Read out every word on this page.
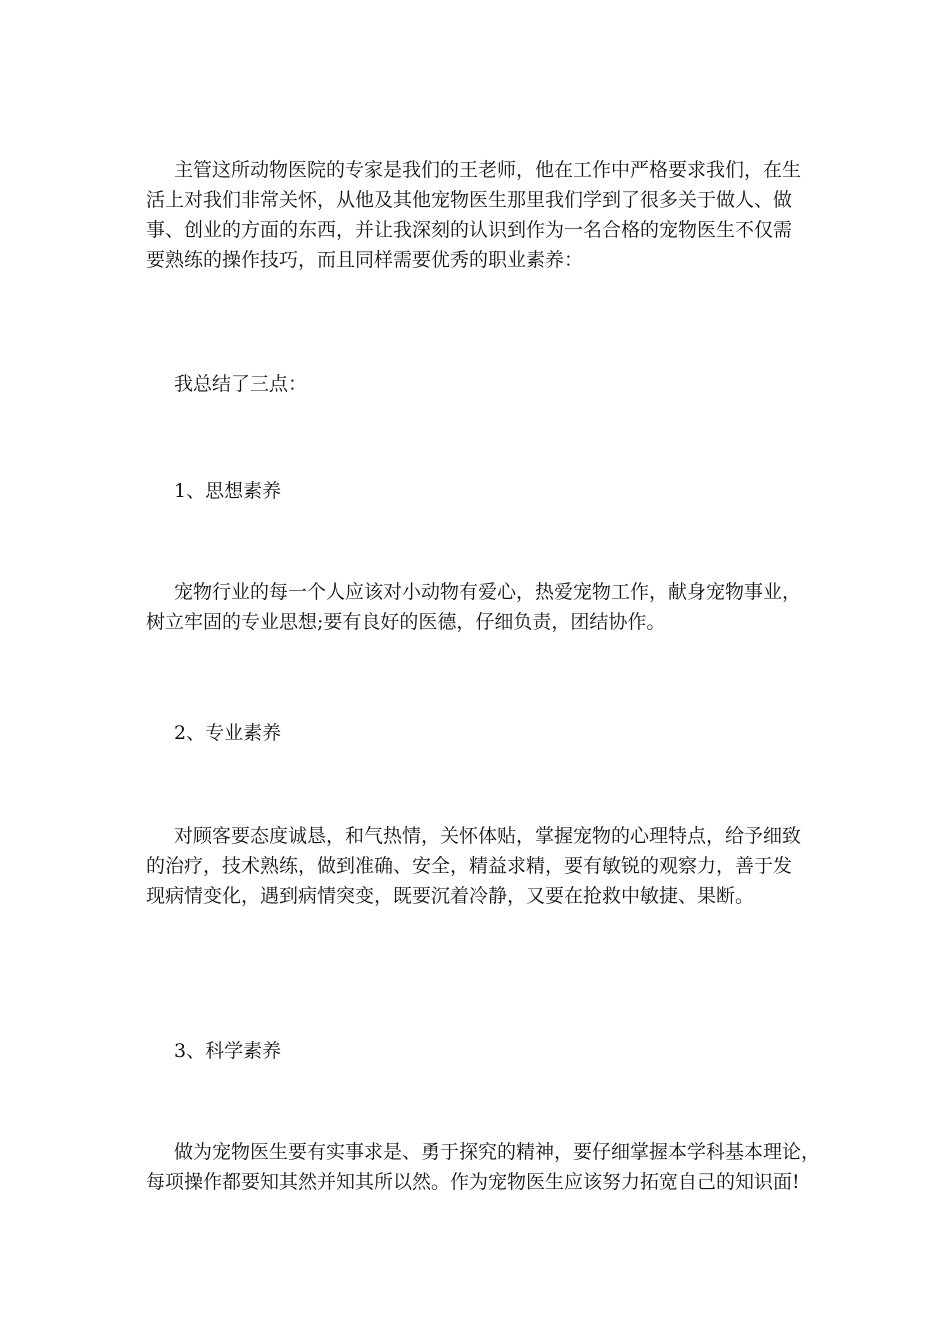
主管这所动物医院的专家是我们的王老师，他在工作中严格要求我们，在生
活上对我们非常关怀，从他及其他宠物医生那里我们学到了很多关于做人、做
事、创业的方面的东西，并让我深刻的认识到作为一名合格的宠物医生不仅需
要熟练的操作技巧，而且同样需要优秀的职业素养：

我总结了三点：

1、思想素养

宠物行业的每一个人应该对小动物有爱心，热爱宠物工作，献身宠物事业，
树立牢固的专业思想;要有良好的医德，仔细负责，团结协作。

2、专业素养

对顾客要态度诚恳，和气热情，关怀体贴，掌握宠物的心理特点，给予细致
的治疗，技术熟练，做到准确、安全，精益求精，要有敏锐的观察力，善于发
现病情变化，遇到病情突变，既要沉着冷静，又要在抢救中敏捷、果断。

3、科学素养

做为宠物医生要有实事求是、勇于探究的精神，要仔细掌握本学科基本理论，
每项操作都要知其然并知其所以然。作为宠物医生应该努力拓宽自己的知识面!
